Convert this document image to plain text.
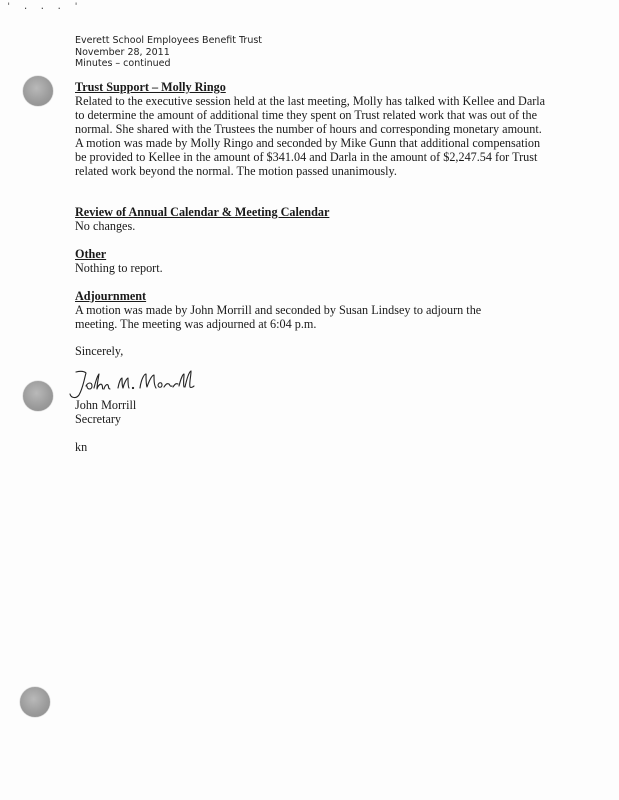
' . . . '
Everett School Employees Benefit Trust
November 28, 2011
Minutes – continued
Trust Support – Molly Ringo

Related to the executive session held at the last meeting, Molly has talked with Kellee and Darla to determine the amount of additional time they spent on Trust related work that was out of the normal. She shared with the Trustees the number of hours and corresponding monetary amount. A motion was made by Molly Ringo and seconded by Mike Gunn that additional compensation be provided to Kellee in the amount of $341.04 and Darla in the amount of $2,247.54 for Trust related work beyond the normal. The motion passed unanimously.

Review of Annual Calendar & Meeting Calendar

No changes.

Other

Nothing to report.

Adjournment

A motion was made by John Morrill and seconded by Susan Lindsey to adjourn the meeting. The meeting was adjourned at 6:04 p.m.

Sincerely,
John Morrill
Secretary
kn
